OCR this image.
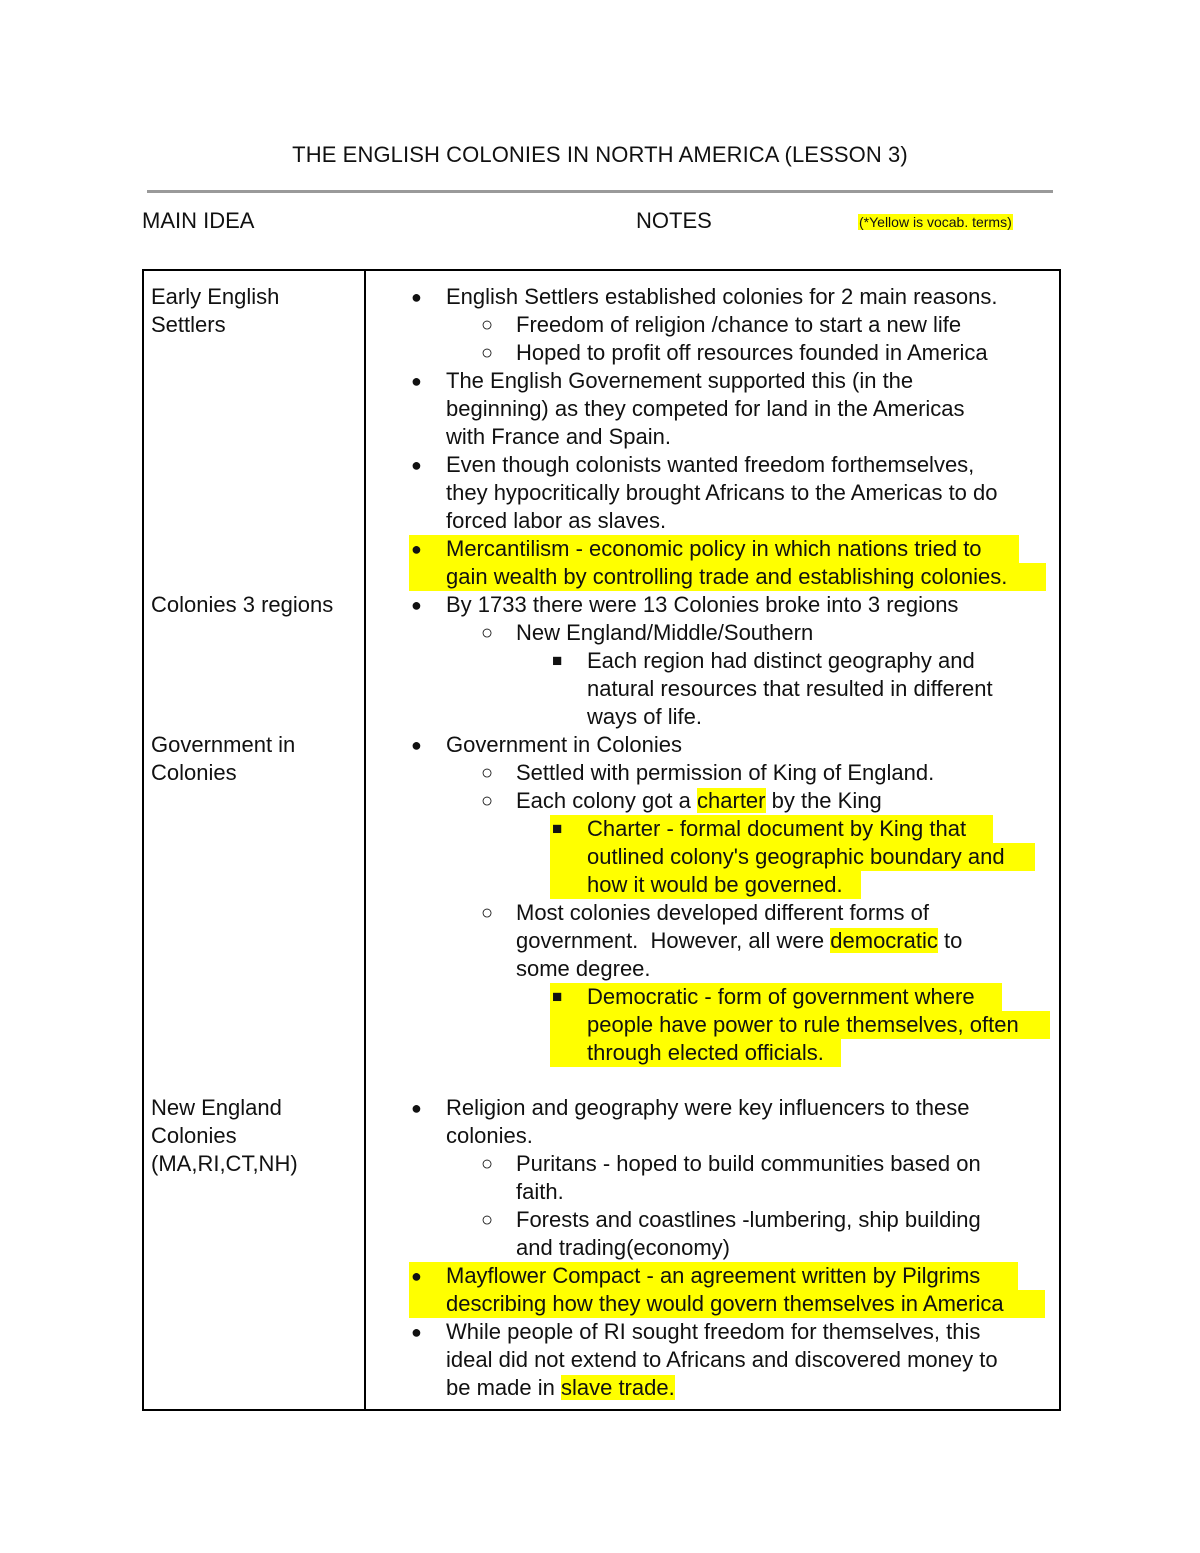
THE ENGLISH COLONIES IN NORTH AMERICA (LESSON 3)
MAIN IDEA	NOTES	(*Yellow is vocab. terms)
Early English
Settlers
Colonies 3 regions
Government in
Colonies
New England
Colonies
(MA,RI,CT,NH)
● English Settlers established colonies for 2 main reasons.
○ Freedom of religion /chance to start a new life
○ Hoped to profit off resources founded in America
● The English Governement supported this (in the
beginning) as they competed for land in the Americas
with France and Spain.
● Even though colonists wanted freedom forthemselves,
they hypocritically brought Africans to the Americas to do
forced labor as slaves.
● Mercantilism - economic policy in which nations tried to
gain wealth by controlling trade and establishing colonies.
● By 1733 there were 13 Colonies broke into 3 regions
○ New England/Middle/Southern
■ Each region had distinct geography and
natural resources that resulted in different
ways of life.
● Government in Colonies
○ Settled with permission of King of England.
○ Each colony got a charter by the King
■ Charter - formal document by King that
outlined colony's geographic boundary and
how it would be governed.
○ Most colonies developed different forms of
government.  However, all were democratic to
some degree.
■ Democratic - form of government where
people have power to rule themselves, often
through elected officials.
● Religion and geography were key influencers to these
colonies.
○ Puritans - hoped to build communities based on
faith.
○ Forests and coastlines -lumbering, ship building
and trading(economy)
● Mayflower Compact - an agreement written by Pilgrims
describing how they would govern themselves in America
● While people of RI sought freedom for themselves, this
ideal did not extend to Africans and discovered money to
be made in slave trade.
